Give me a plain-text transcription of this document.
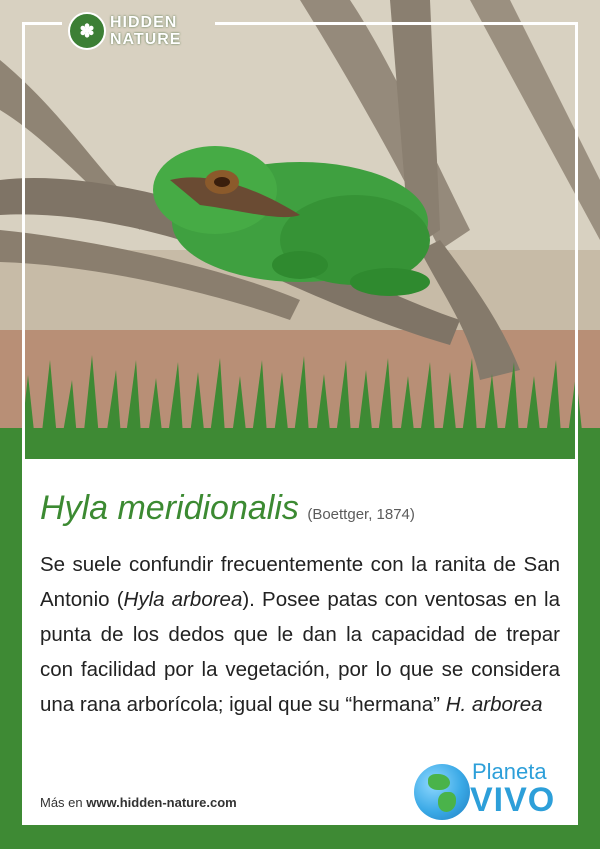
✽ HIDDEN
NATURE
Hyla meridionalis (Boettger, 1874)
Se suele confundir frecuentemente con la ranita de San Antonio (Hyla arborea). Posee patas con ventosas en la punta de los dedos que le dan la capacidad de trepar con facilidad por la vegetación, por lo que se considera una rana arborícola; igual que su “hermana” H. arborea
Más en www.hidden-nature.com
Planeta
VIVO
